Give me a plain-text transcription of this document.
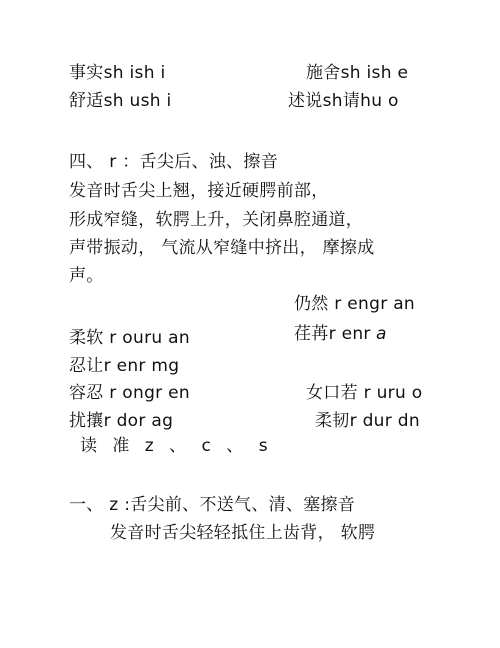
事实sh ish i	施舍sh ish e
舒适sh ush i	述说sh请hu o
四、 r ：舌尖后、浊、擦音
发音时舌尖上翘，接近硬腭前部，
形成窄缝，软腭上升，关闭鼻腔通道，
声带振动， 气流从窄缝中挤出， 摩擦成
声。
仍然 r engr an
柔软 r ouru an	荏苒r enr a
忍让r enr mg
容忍 r ongr en	女口若 r uru o
扰攘r dor ag	柔韧r dur dn
读 准 z 、 c 、 s
一、 z :舌尖前、不送气、清、塞擦音
发音时舌尖轻轻抵住上齿背， 软腭
